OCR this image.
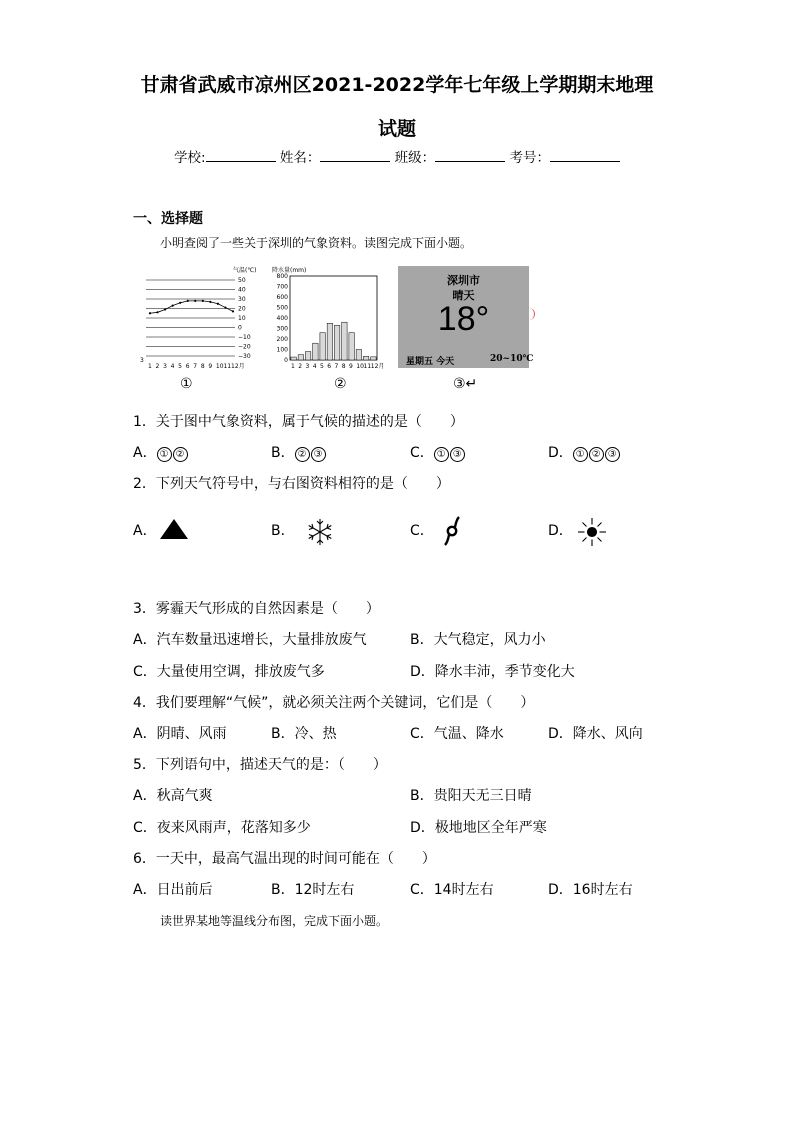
甘肃省武威市凉州区2021-2022学年七年级上学期期末地理
试题
学校:	姓名：	班级：	考号：
一、选择题
小明查阅了一些关于深圳的气象资料。读图完成下面小题。
气温(℃)
3
50
40
30
20
10
0
−10
−20
−30
1 2 3 4 5 6 7 8 9 10 11 12月
①
降水量(mm)
800
700
600
500
400
300
200
100
0
1 2 3 4 5 6 7 8 9 10 11 12月
②
深圳市
晴天
18°
星期五 今天	20~10℃
③↵
1．关于图中气象资料，属于气候的描述的是（　　）
A． ① ②	B． ② ③	C． ① ③	D． ① ② ③
2．下列天气符号中，与右图资料相符的是（　　）
A．	B．	C．	D．
3．雾霾天气形成的自然因素是（　　）
A．汽车数量迅速增长，大量排放废气	B．大气稳定，风力小
C．大量使用空调，排放废气多	D．降水丰沛，季节变化大
4．我们要理解“气候”，就必须关注两个关键词，它们是（　　）
A．阴晴、风雨	B．冷、热	C．气温、降水	D．降水、风向
5．下列语句中，描述天气的是：（　　）
A．秋高气爽	B．贵阳天无三日晴
C．夜来风雨声，花落知多少	D．极地地区全年严寒
6．一天中，最高气温出现的时间可能在（　　）
A．日出前后	B．12时左右	C．14时左右	D．16时左右
读世界某地等温线分布图，完成下面小题。
